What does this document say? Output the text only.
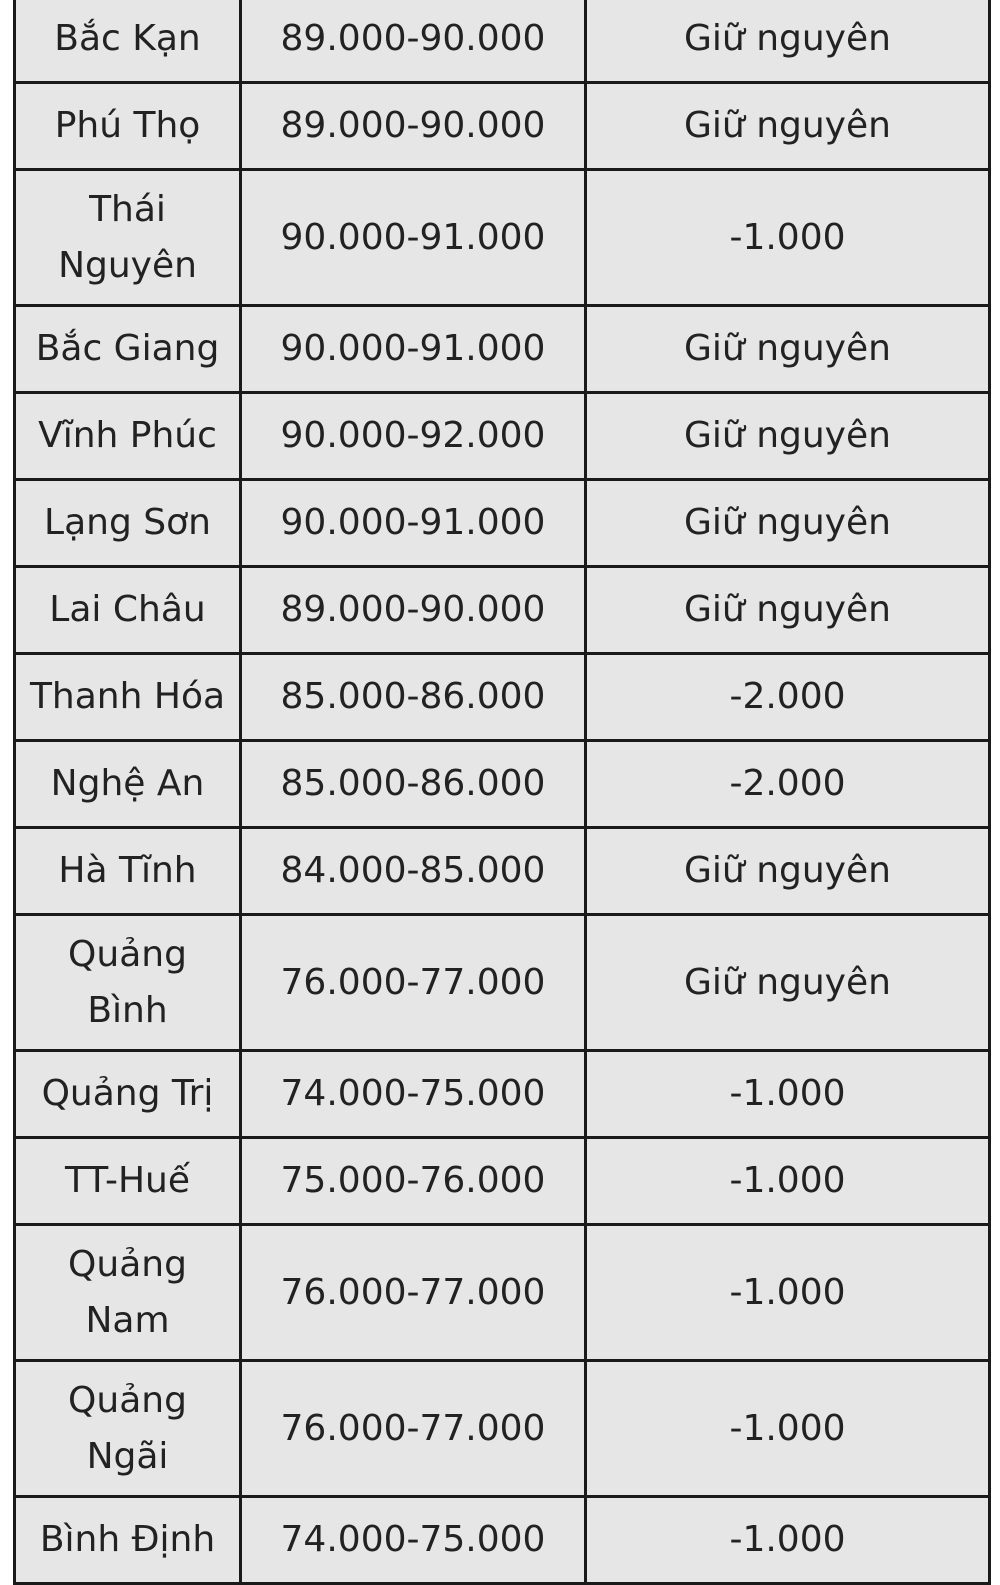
Bắc Kạn	89.000-90.000	Giữ nguyên
Phú Thọ	89.000-90.000	Giữ nguyên
Thái Nguyên	90.000-91.000	-1.000
Bắc Giang	90.000-91.000	Giữ nguyên
Vĩnh Phúc	90.000-92.000	Giữ nguyên
Lạng Sơn	90.000-91.000	Giữ nguyên
Lai Châu	89.000-90.000	Giữ nguyên
Thanh Hóa	85.000-86.000	-2.000
Nghệ An	85.000-86.000	-2.000
Hà Tĩnh	84.000-85.000	Giữ nguyên
Quảng Bình	76.000-77.000	Giữ nguyên
Quảng Trị	74.000-75.000	-1.000
TT-Huế	75.000-76.000	-1.000
Quảng Nam	76.000-77.000	-1.000
Quảng Ngãi	76.000-77.000	-1.000
Bình Định	74.000-75.000	-1.000
